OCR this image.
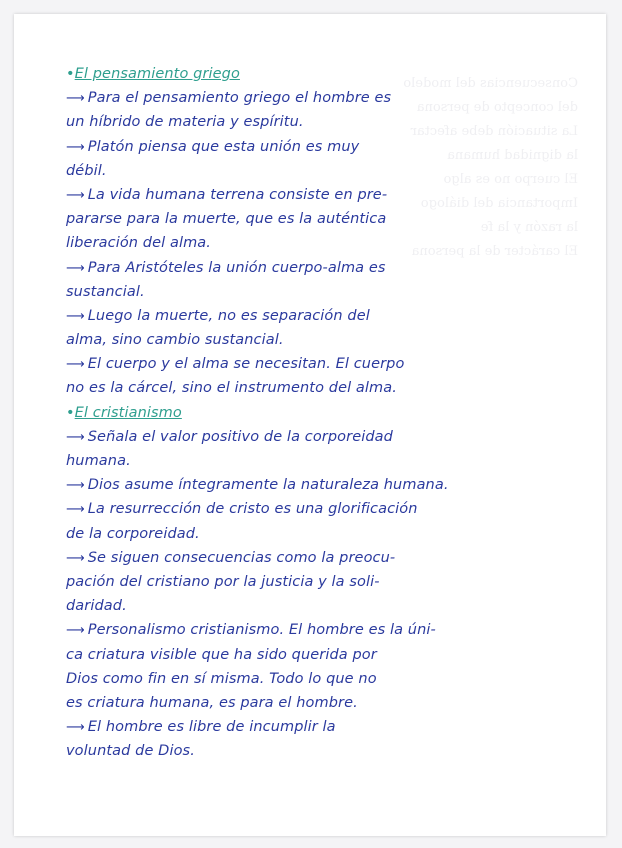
Consecuencias del modelo
del concepto de persona
La situación debe afectar
la dignidad humana
El cuerpo no es algo
Importancia del diálogo
la razón y la fe
El carácter de la persona
•El pensamiento griego
⟶ Para el pensamiento griego el hombre es
un híbrido de materia y espíritu.
⟶ Platón piensa que esta unión es muy
débil.
⟶ La vida humana terrena consiste en pre-
pararse para la muerte, que es la auténtica
liberación del alma.
⟶ Para Aristóteles la unión cuerpo-alma es
sustancial.
⟶ Luego la muerte, no es separación del
alma, sino cambio sustancial.
⟶ El cuerpo y el alma se necesitan. El cuerpo
no es la cárcel, sino el instrumento del alma.
•El cristianismo
⟶ Señala el valor positivo de la corporeidad
humana.
⟶ Dios asume íntegramente la naturaleza humana.
⟶ La resurrección de cristo es una glorificación
de la corporeidad.
⟶ Se siguen consecuencias como la preocu-
pación del cristiano por la justicia y la soli-
daridad.
⟶ Personalismo cristianismo. El hombre es la úni-
ca criatura visible que ha sido querida por
Dios como fin en sí misma. Todo lo que no
es criatura humana, es para el hombre.
⟶ El hombre es libre de incumplir la
voluntad de Dios.
